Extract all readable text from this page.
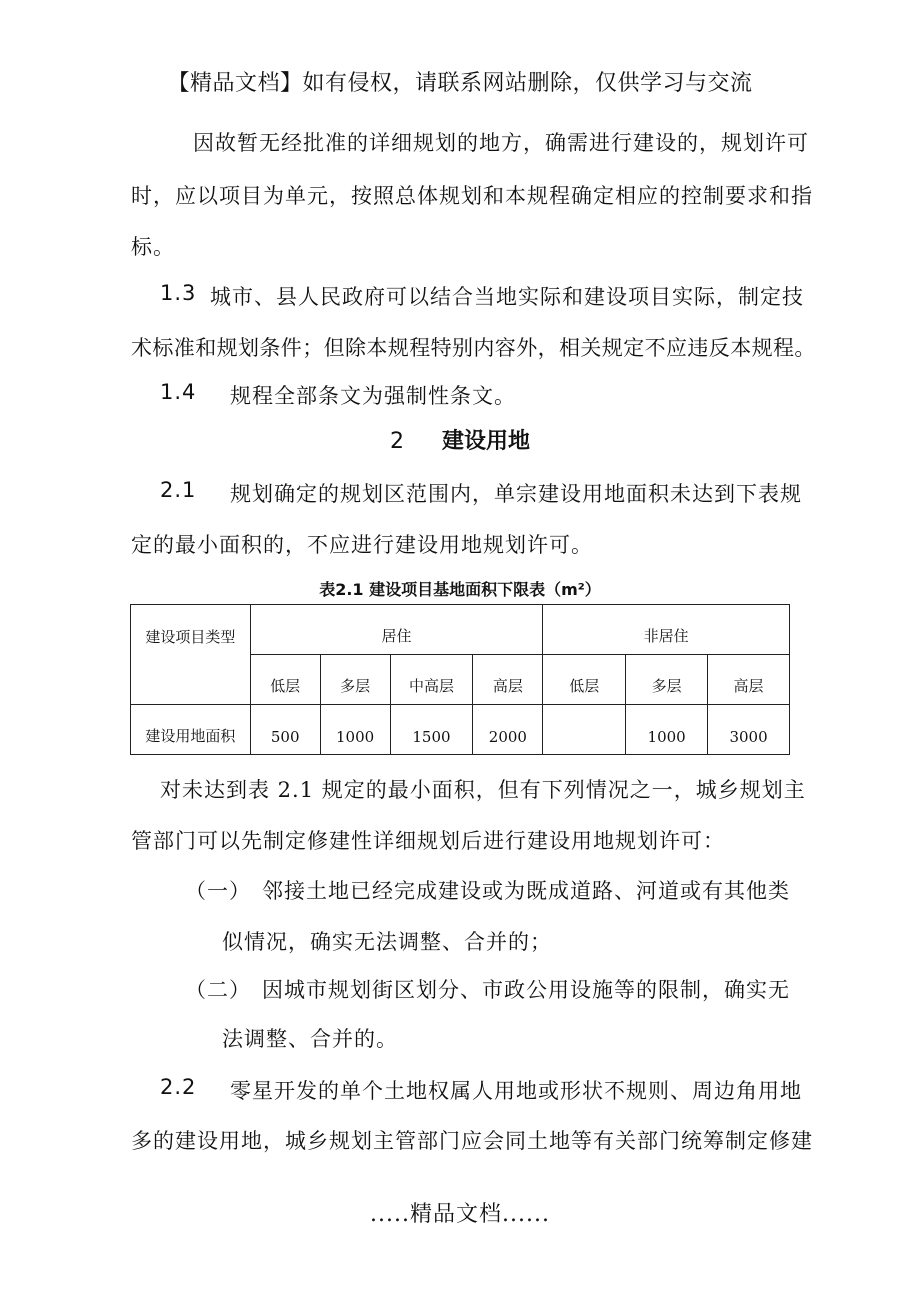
【精品文档】如有侵权，请联系网站删除，仅供学习与交流
因故暂无经批准的详细规划的地方，确需进行建设的，规划许可
时，应以项目为单元，按照总体规划和本规程确定相应的控制要求和指
标。
1.3 城市、县人民政府可以结合当地实际和建设项目实际，制定技
术标准和规划条件；但除本规程特别内容外，相关规定不应违反本规程。
1.4 规程全部条文为强制性条文。
2 建设用地
2.1 规划确定的规划区范围内，单宗建设用地面积未达到下表规
定的最小面积的，不应进行建设用地规划许可。
表2.1 建设项目基地面积下限表（m²）
建设项目类型	居住				非居住		
	低层	多层	中高层	高层	低层	多层	高层
建设用地面积	500	1000	1500	2000		1000	3000
对未达到表 2.1 规定的最小面积，但有下列情况之一，城乡规划主
管部门可以先制定修建性详细规划后进行建设用地规划许可：
（一） 邻接土地已经完成建设或为既成道路、河道或有其他类
似情况，确实无法调整、合并的；
（二） 因城市规划街区划分、市政公用设施等的限制，确实无
法调整、合并的。
2.2 零星开发的单个土地权属人用地或形状不规则、周边角用地
多的建设用地，城乡规划主管部门应会同土地等有关部门统筹制定修建
.....精品文档......
